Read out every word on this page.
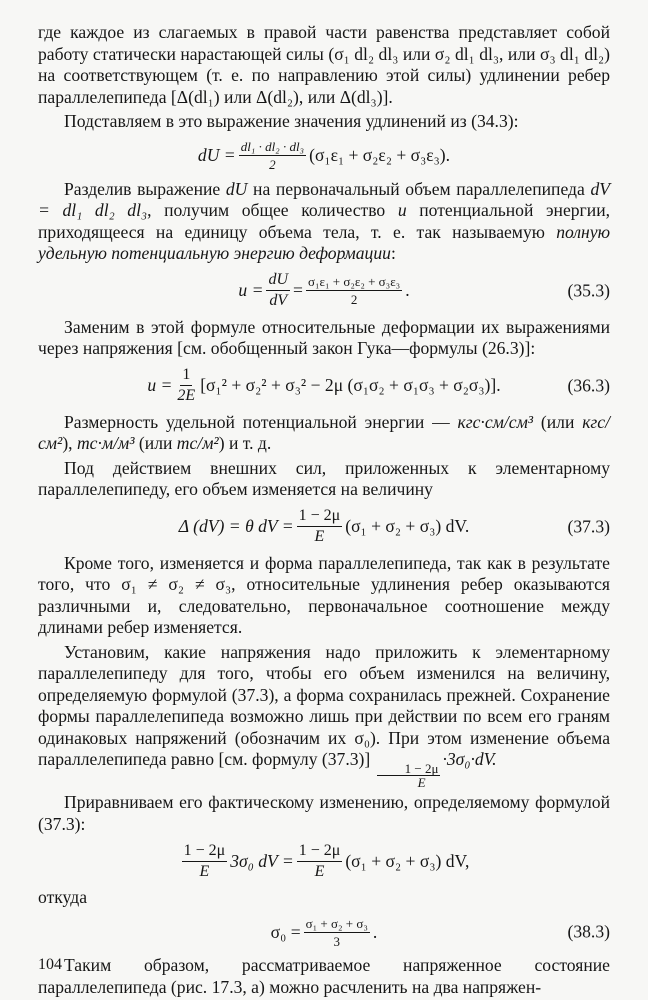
где каждое из слагаемых в правой части равенства представляет собой работу статически нарастающей силы (σ₁ dl₂ dl₃ или σ₂ dl₁ dl₃, или σ₃ dl₁ dl₂) на соответствующем (т. е. по направлению этой силы) удлинении ребер параллелепипеда [Δ(dl₁) или Δ(dl₂), или Δ(dl₃)].

Подставляем в это выражение значения удлинений из (34.3):

dU = $\frac{\text{dl₁ · dl₂ · dl₃}}{2} (\sigma_1\varepsilon_1 + \sigma_2\varepsilon_2 + \sigma_3\varepsilon_3)$.

Разделив выражение dU на первоначальный объем параллелепипеда dV = dl₁ dl₂ dl₃, получим общее количество u потенциальной энергии, приходящееся на единицу объема тела, т. е. так называемую полную удельную потенциальную энергию деформации:

$u = \frac{dU}{dV} = \frac{\text{σ₁ε₁ + σ₂ε₂ + σ₃ε₃}}{2}$ .	(35.3)

Заменим в этой формуле относительные деформации их выражениями через напряжения [см. обобщенный закон Гука—формулы (26.3)]:

$u = \frac{1}{2E} [\sigma_1^2 + \sigma_2^2 + \sigma_3^2 - 2\mu$ (σ₁σ₂ + σ₁σ₃ + σ₂σ₃)].	(36.3)

Размерность удельной потенциальной энергии — кгс·см/см³ (или кгс/см²), тс·м/м³ (или тс/м²) и т. д.

Под действием внешних сил, приложенных к элементарному параллелепипеду, его объем изменяется на величину

Δ (dV) = θ dV = $\frac{1 - 2\mu}{E} (\sigma_1 + \sigma_2 + \sigma_3)$ dV.	(37.3)

Кроме того, изменяется и форма параллелепипеда, так как в результате того, что σ₁ ≠ σ₂ ≠ σ₃, относительные удлинения ребер оказываются различными и, следовательно, первоначальное соотношение между длинами ребер изменяется.

Установим, какие напряжения надо приложить к элементарному параллелепипеду для того, чтобы его объем изменился на величину, определяемую формулой (37.3), а форма сохранилась прежней. Сохранение формы параллелепипеда возможно лишь при действии по всем его граням одинаковых напряжений (обозначим их σ₀). При этом изменение объема параллелепипеда равно [см. формулу (37.3)]
$\frac{1 - 2\mu}{E}$
·3σ₀·dV.

Приравниваем его фактическому изменению, определяемому формулой (37.3):

$\frac{1 - 2\mu}{E} 3\sigma_0$ dV = $\frac{1 - 2\mu}{E} (\sigma_1 + \sigma_2 + \sigma_3)$ dV,

откуда

$\sigma_0 = \frac{\text{σ₁ + σ₂ + σ₃}}{3}$ .	(38.3)

Таким образом, рассматриваемое напряженное состояние параллелепипеда (рис. 17.3, а) можно расчленить на два напряжен-

104
